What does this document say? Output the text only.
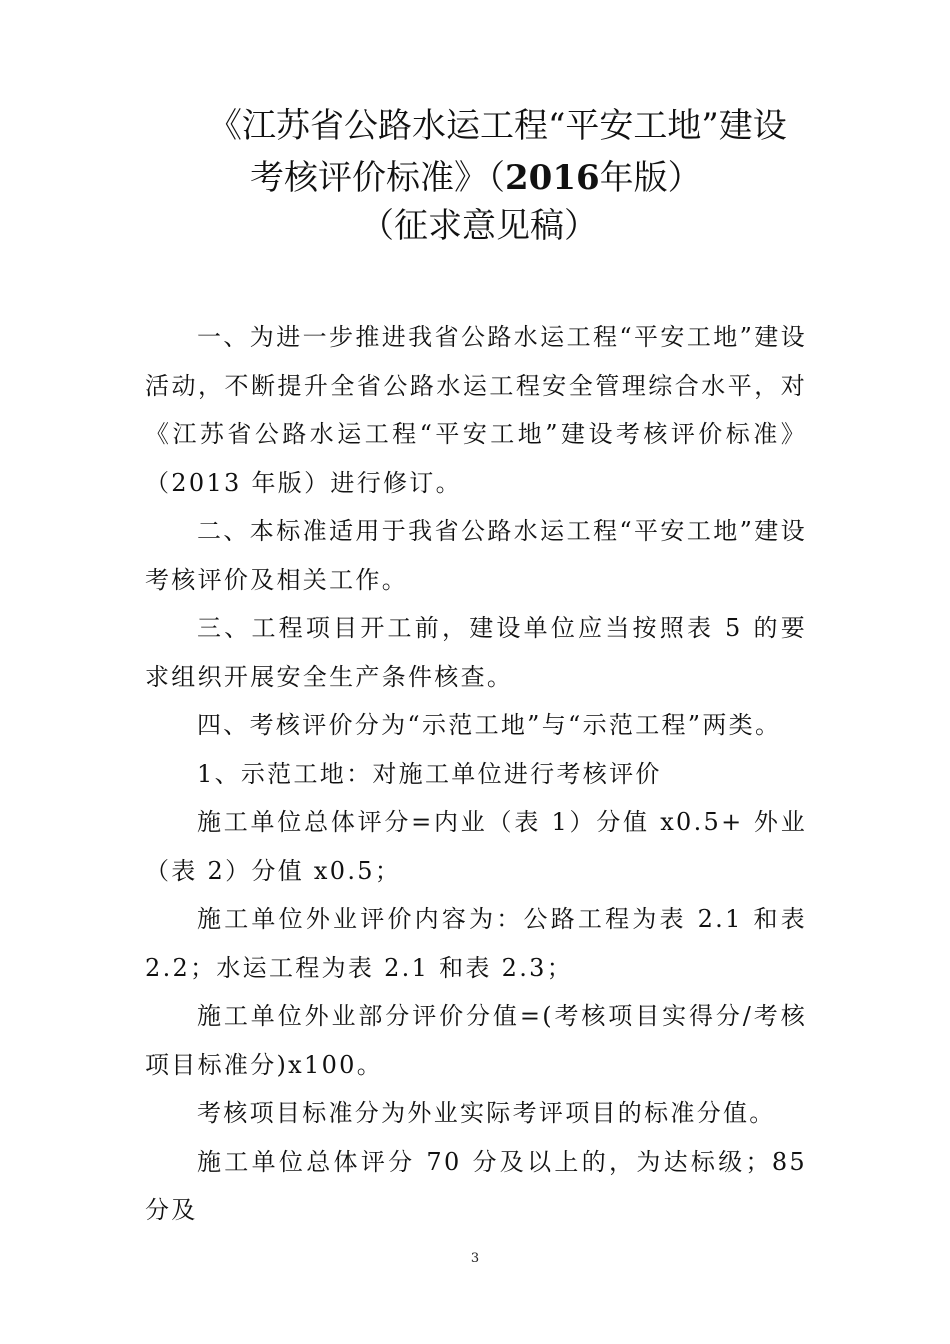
《江苏省公路水运工程“平安工地”建设
考核评价标准》（2016年版）
（征求意见稿）

一、为进一步推进我省公路水运工程“平安工地”建设活动，不断提升全省公路水运工程安全管理综合水平，对《江苏省公路水运工程“平安工地”建设考核评价标准》（2013 年版）进行修订。

二、本标准适用于我省公路水运工程“平安工地”建设考核评价及相关工作。

三、工程项目开工前，建设单位应当按照表 5 的要求组织开展安全生产条件核查。

四、考核评价分为“示范工地”与“示范工程”两类。

1、示范工地：对施工单位进行考核评价

施工单位总体评分=内业（表 1）分值 x0.5+ 外业（表 2）分值 x0.5；

施工单位外业评价内容为：公路工程为表 2.1 和表 2.2；水运工程为表 2.1 和表 2.3；

施工单位外业部分评价分值=(考核项目实得分/考核项目标准分)x100。

考核项目标准分为外业实际考评项目的标准分值。

施工单位总体评分 70 分及以上的，为达标级；85 分及

3
